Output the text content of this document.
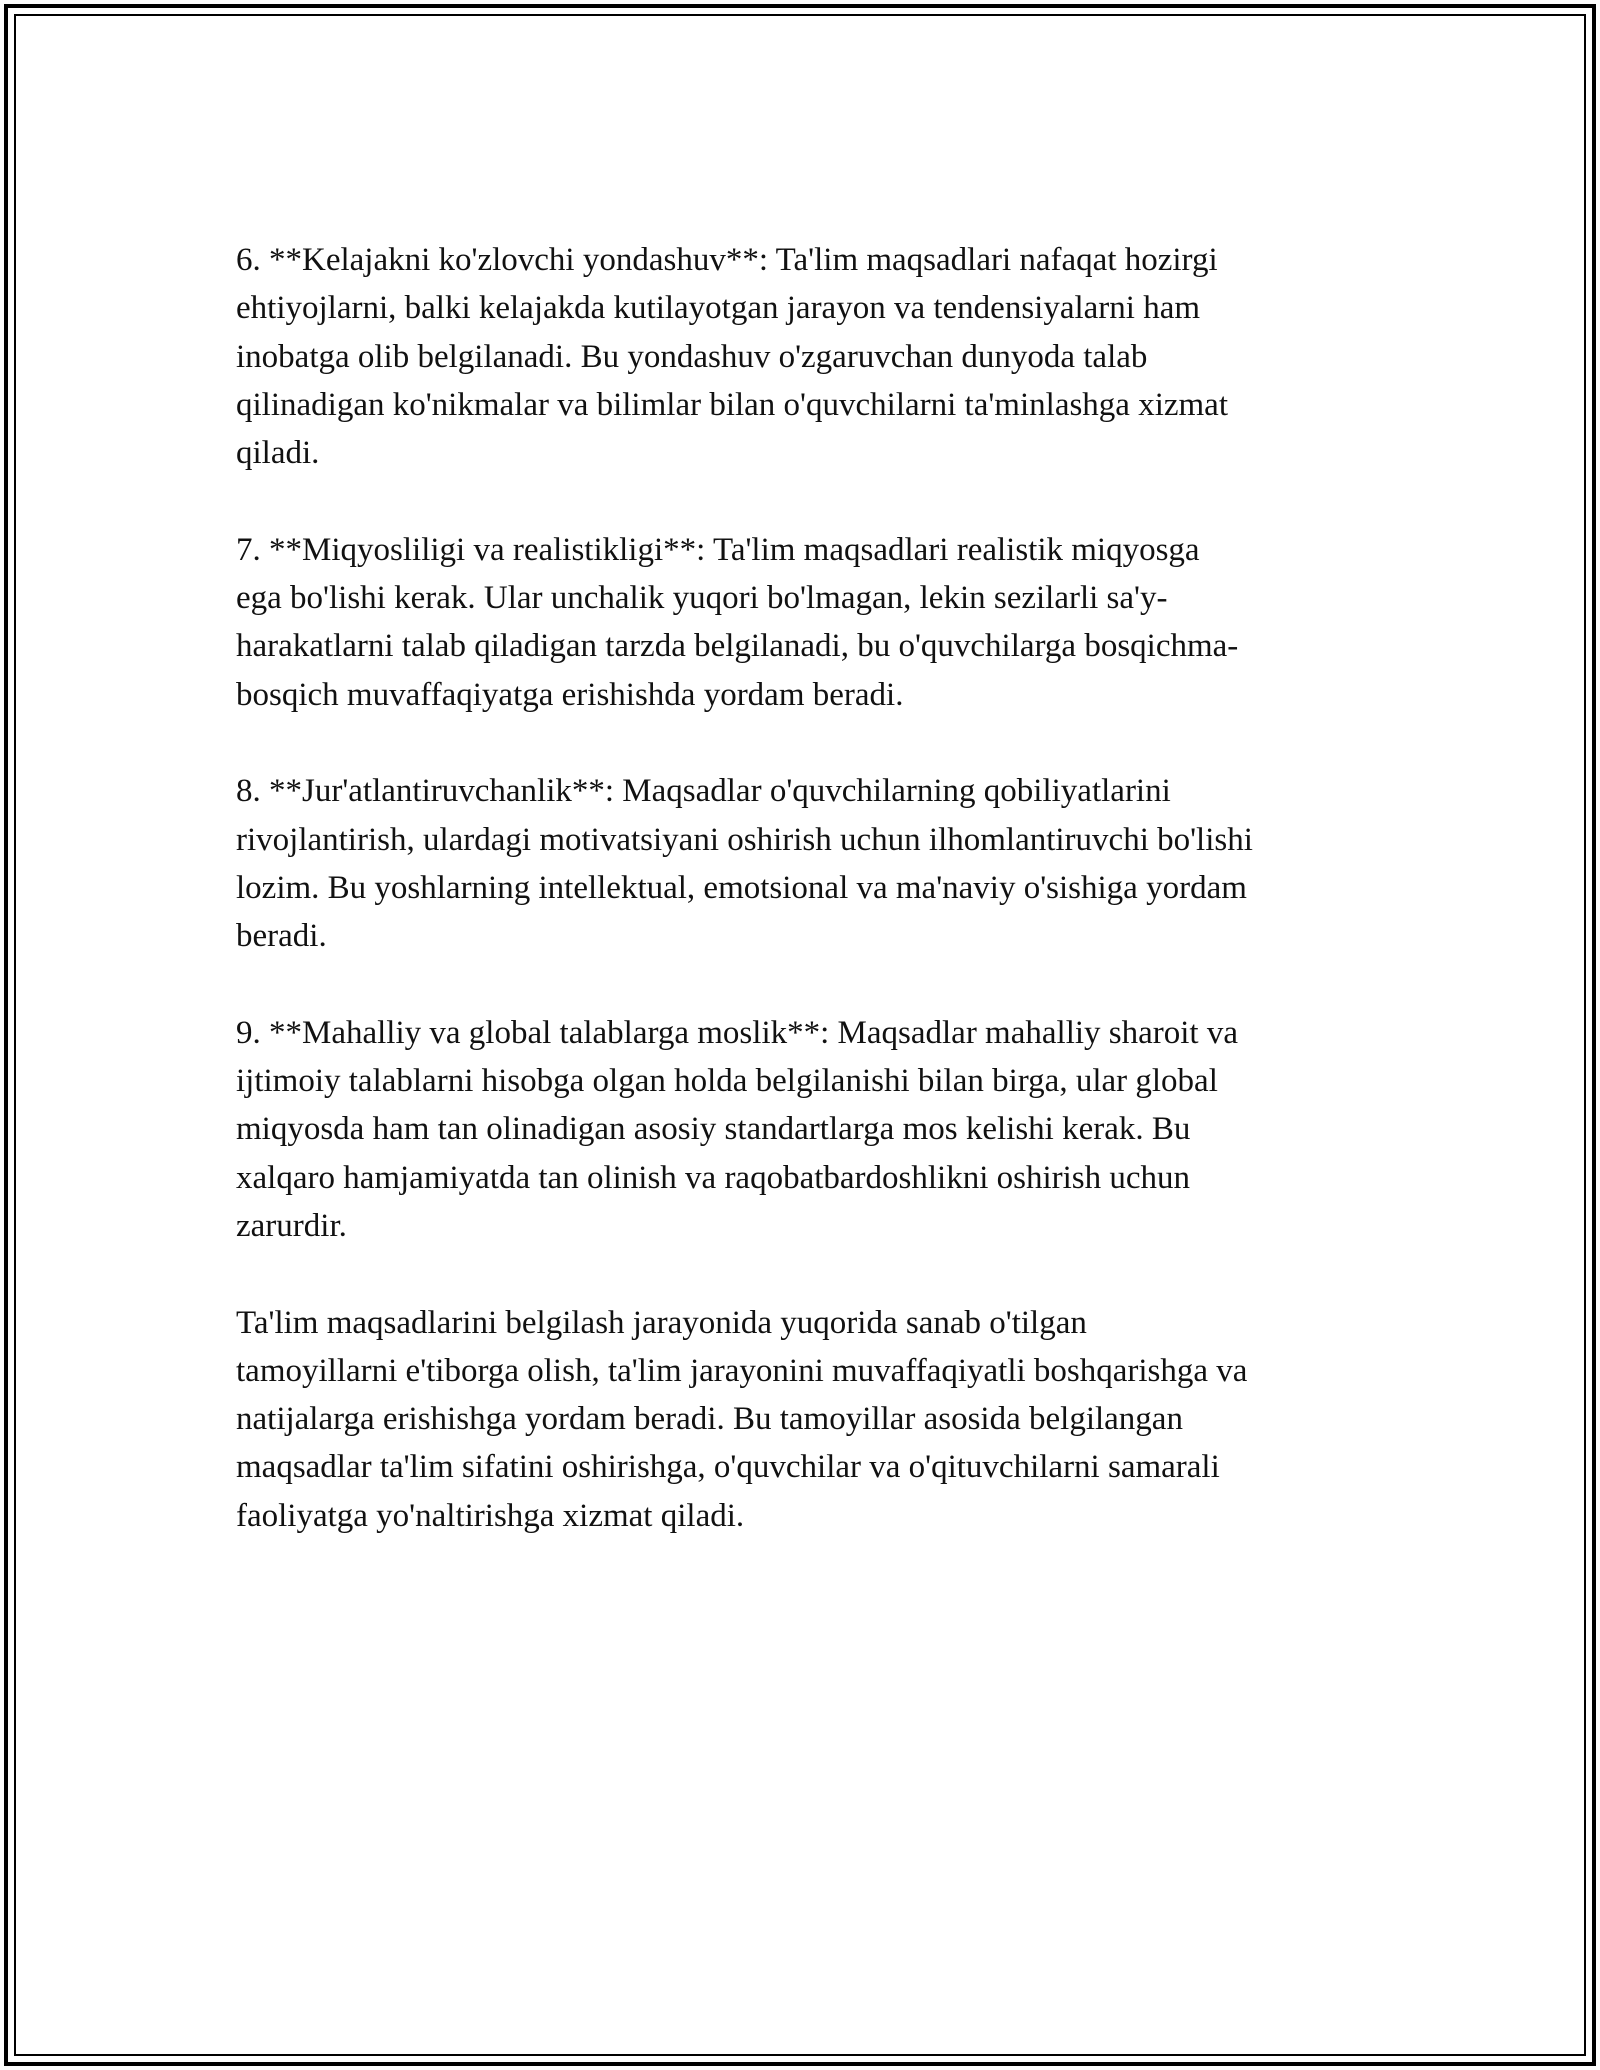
6. **Kelajakni ko'zlovchi yondashuv**: Ta'lim maqsadlari nafaqat hozirgi
ehtiyojlarni, balki kelajakda kutilayotgan jarayon va tendensiyalarni ham
inobatga olib belgilanadi. Bu yondashuv o'zgaruvchan dunyoda talab
qilinadigan ko'nikmalar va bilimlar bilan o'quvchilarni ta'minlashga xizmat
qiladi.

7. **Miqyosliligi va realistikligi**: Ta'lim maqsadlari realistik miqyosga
ega bo'lishi kerak. Ular unchalik yuqori bo'lmagan, lekin sezilarli sa'y-
harakatlarni talab qiladigan tarzda belgilanadi, bu o'quvchilarga bosqichma-
bosqich muvaffaqiyatga erishishda yordam beradi.

8. **Jur'atlantiruvchanlik**: Maqsadlar o'quvchilarning qobiliyatlarini
rivojlantirish, ulardagi motivatsiyani oshirish uchun ilhomlantiruvchi bo'lishi
lozim. Bu yoshlarning intellektual, emotsional va ma'naviy o'sishiga yordam
beradi.

9. **Mahalliy va global talablarga moslik**: Maqsadlar mahalliy sharoit va
ijtimoiy talablarni hisobga olgan holda belgilanishi bilan birga, ular global
miqyosda ham tan olinadigan asosiy standartlarga mos kelishi kerak. Bu
xalqaro hamjamiyatda tan olinish va raqobatbardoshlikni oshirish uchun
zarurdir.

Ta'lim maqsadlarini belgilash jarayonida yuqorida sanab o'tilgan
tamoyillarni e'tiborga olish, ta'lim jarayonini muvaffaqiyatli boshqarishga va
natijalarga erishishga yordam beradi. Bu tamoyillar asosida belgilangan
maqsadlar ta'lim sifatini oshirishga, o'quvchilar va o'qituvchilarni samarali
faoliyatga yo'naltirishga xizmat qiladi.
